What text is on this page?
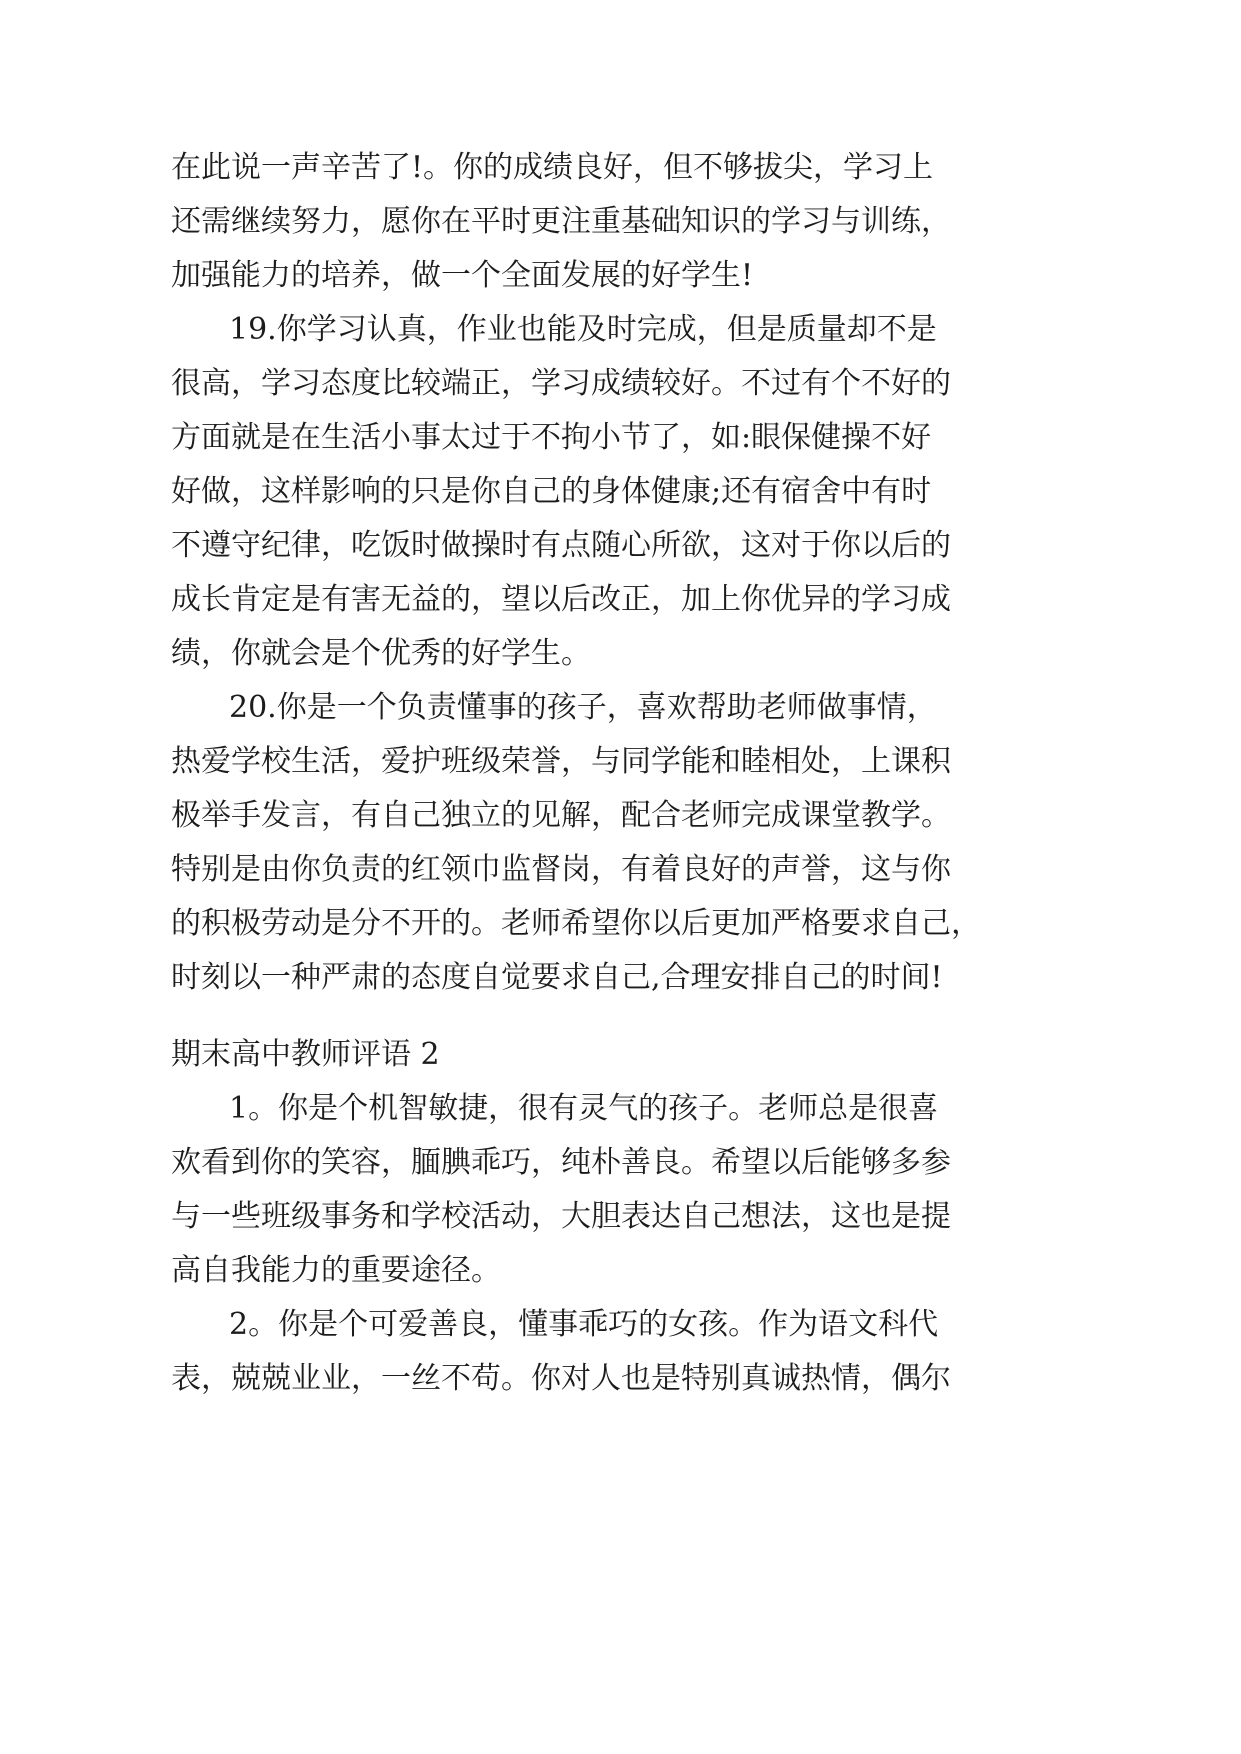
在此说一声辛苦了!。你的成绩良好，但不够拔尖，学习上
还需继续努力，愿你在平时更注重基础知识的学习与训练，
加强能力的培养，做一个全面发展的好学生!
19.你学习认真，作业也能及时完成，但是质量却不是
很高，学习态度比较端正，学习成绩较好。不过有个不好的
方面就是在生活小事太过于不拘小节了，如:眼保健操不好
好做，这样影响的只是你自己的身体健康;还有宿舍中有时
不遵守纪律，吃饭时做操时有点随心所欲，这对于你以后的
成长肯定是有害无益的，望以后改正，加上你优异的学习成
绩，你就会是个优秀的好学生。
20.你是一个负责懂事的孩子，喜欢帮助老师做事情，
热爱学校生活，爱护班级荣誉，与同学能和睦相处，上课积
极举手发言，有自己独立的见解，配合老师完成课堂教学。
特别是由你负责的红领巾监督岗，有着良好的声誉，这与你
的积极劳动是分不开的。老师希望你以后更加严格要求自己，
时刻以一种严肃的态度自觉要求自己,合理安排自己的时间!
期末高中教师评语 2
1。你是个机智敏捷，很有灵气的孩子。老师总是很喜
欢看到你的笑容，腼腆乖巧，纯朴善良。希望以后能够多参
与一些班级事务和学校活动，大胆表达自己想法，这也是提
高自我能力的重要途径。
2。你是个可爱善良，懂事乖巧的女孩。作为语文科代
表，兢兢业业，一丝不苟。你对人也是特别真诚热情，偶尔
